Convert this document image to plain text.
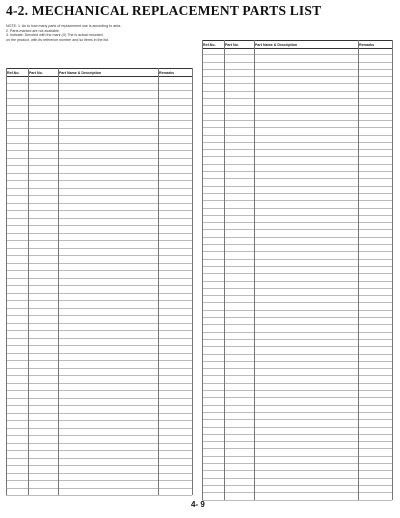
4-2. MECHANICAL REPLACEMENT PARTS LIST
NOTE: 1. As to how many parts of replacement use is according to area.
2. Parts marked are not available.
3. Indicate: Denoted with the mark (X) The is actual mounted
on the product, with its reference number and so items in the list.
Ref.No.	Part No.	Part Name & Description	Remarks
Ref.No.	Part No.	Part Name & Description	Remarks
4- 9
